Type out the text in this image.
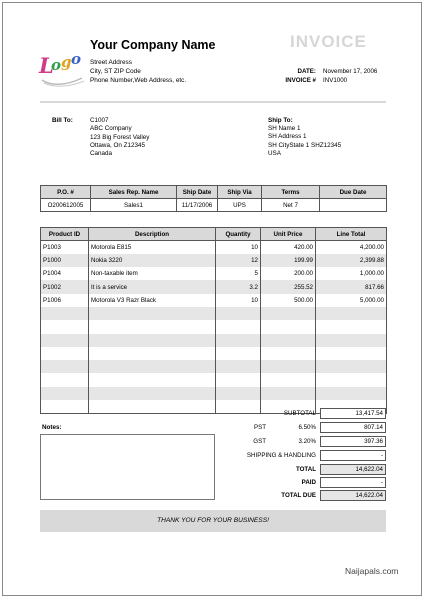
L
o g o
Your Company Name
Street Address
City, ST ZIP Code
Phone Number,Web Address, etc.
INVOICE
DATE: November 17, 2006
INVOICE # INV1000
Bill To:	C1007
ABC Company
123 Big Forest Valley
Ottawa, On Z12345
Canada
Ship To:
SH Name 1
SH Address 1
SH CityState 1 SHZ12345
USA
P.O. #	Sales Rep. Name	Ship Date	Ship Via	Terms	Due Date
O200612005	Sales1	11/17/2006	UPS	Net 7	
Product ID	Description	Quantity	Unit Price	Line Total
P1003	Motorola E815	10	420.00	4,200.00
P1000	Nokia 3220	12	199.99	2,399.88
P1004	Non-taxable item	5	200.00	1,000.00
P1002	It is a service	3.2	255.52	817.66
P1006	Motorola V3 Razr Black	10	500.00	5,000.00

Notes:
SUBTOTAL	13,417.54
PST	6.50%	807.14
GST	3.20%	397.36
SHIPPING & HANDLING	-
TOTAL	14,622.04
PAID	-
TOTAL DUE	14,622.04
THANK YOU FOR YOUR BUSINESS!
Naijapals.com
